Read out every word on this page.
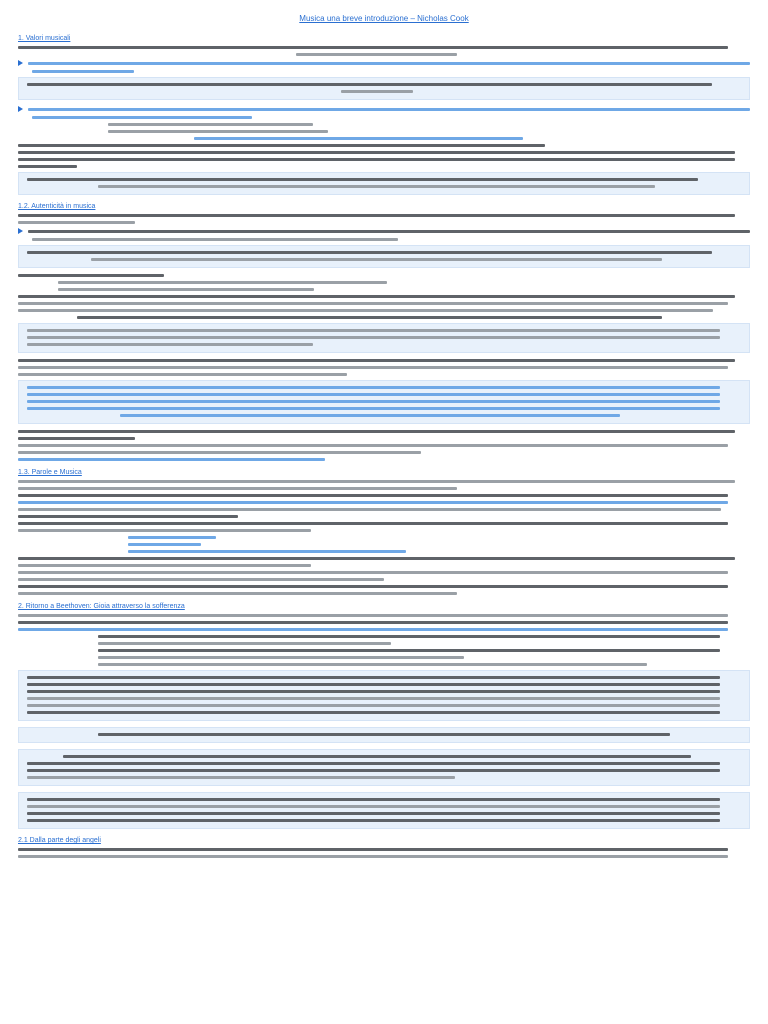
Musica una breve introduzione – Nicholas Cook
1. Valori musicali
1.2. Autenticità in musica
1.3. Parole e Musica
2. Ritorno a Beethoven: Gioia attraverso la sofferenza
2.1 Dalla parte degli angeli
